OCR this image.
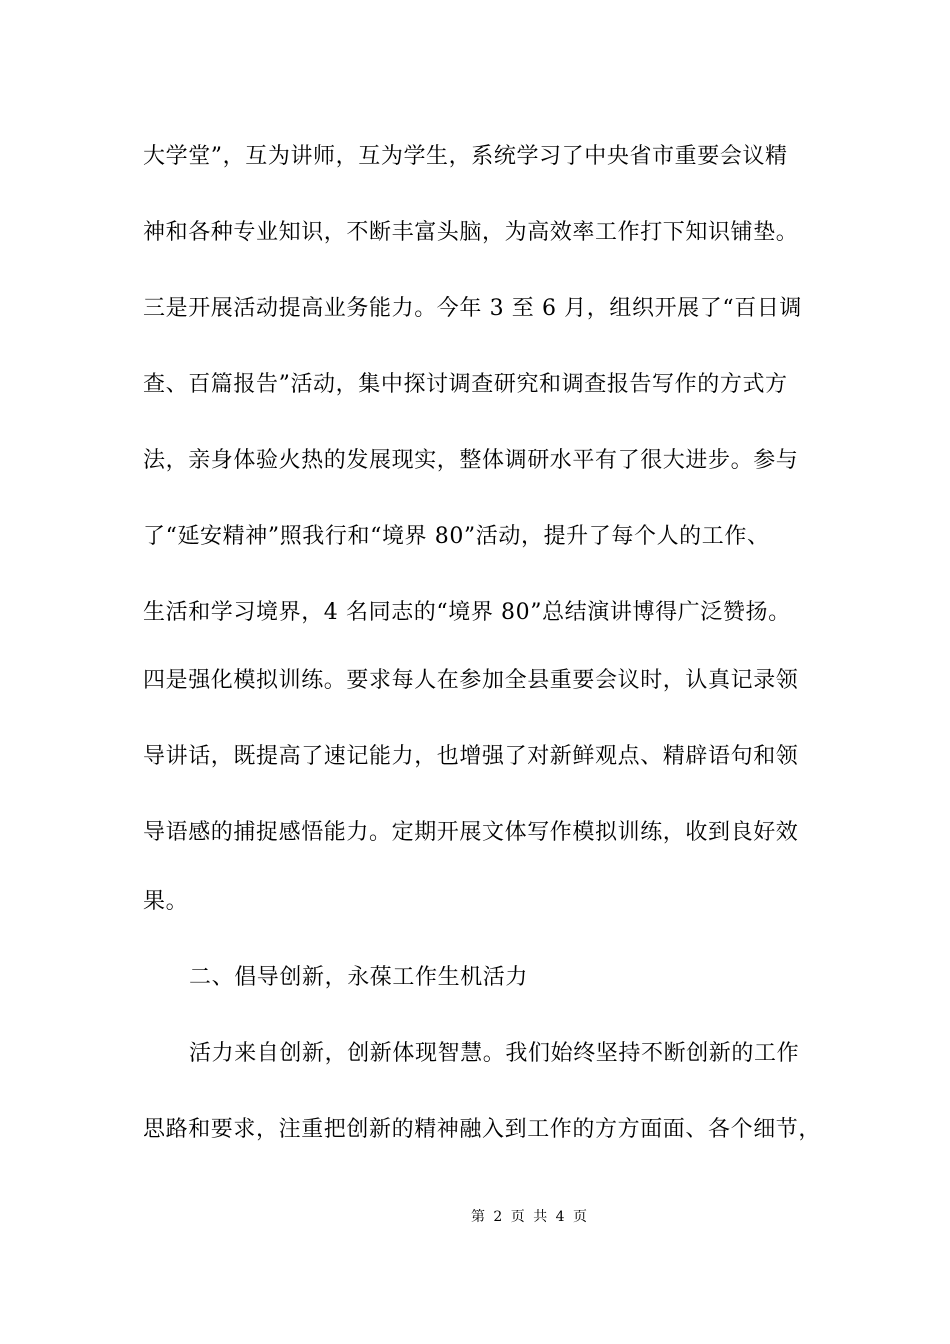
大学堂”，互为讲师，互为学生，系统学习了中央省市重要会议精
神和各种专业知识，不断丰富头脑，为高效率工作打下知识铺垫。
三是开展活动提高业务能力。今年 3 至 6 月，组织开展了“百日调
查、百篇报告”活动，集中探讨调查研究和调查报告写作的方式方
法，亲身体验火热的发展现实，整体调研水平有了很大进步。参与
了“延安精神”照我行和“境界 80”活动，提升了每个人的工作、
生活和学习境界，4 名同志的“境界 80”总结演讲博得广泛赞扬。
四是强化模拟训练。要求每人在参加全县重要会议时，认真记录领
导讲话，既提高了速记能力，也增强了对新鲜观点、精辟语句和领
导语感的捕捉感悟能力。定期开展文体写作模拟训练，收到良好效
果。
二、倡导创新，永葆工作生机活力
活力来自创新，创新体现智慧。我们始终坚持不断创新的工作
思路和要求，注重把创新的精神融入到工作的方方面面、各个细节，
第 2 页 共 4 页
